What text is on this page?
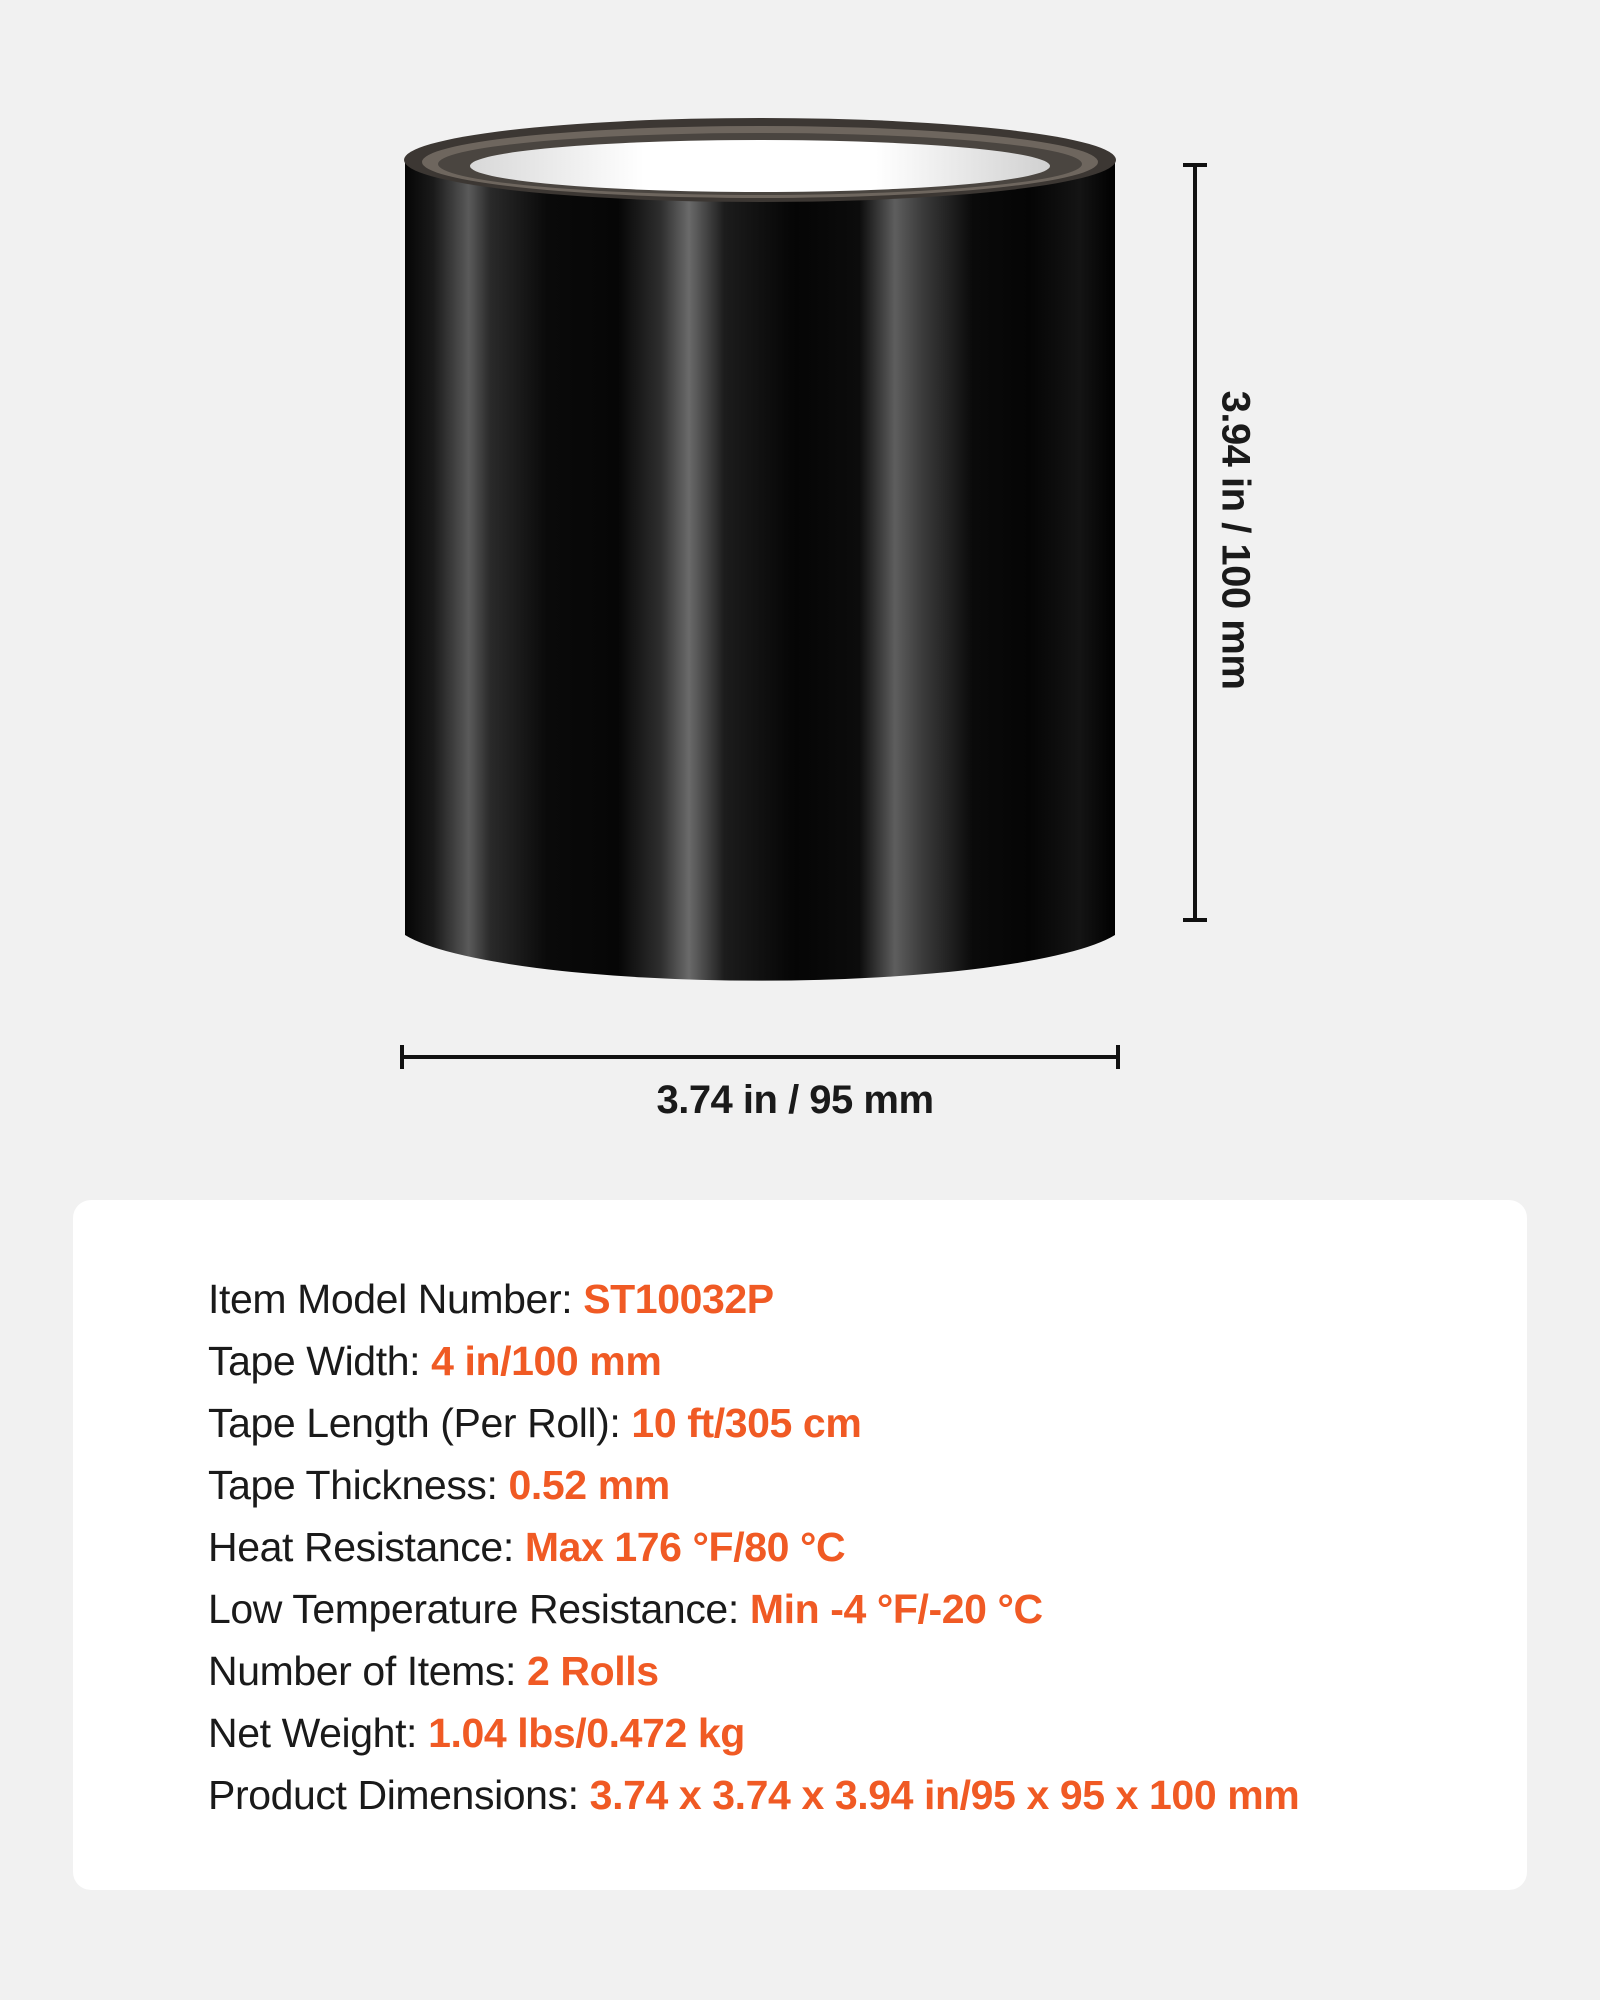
3.74 in / 95 mm
3.94 in / 100 mm
Item Model Number: ST10032P
Tape Width: 4 in/100 mm
Tape Length (Per Roll): 10 ft/305 cm
Tape Thickness: 0.52 mm
Heat Resistance: Max 176 °F/80 °C
Low Temperature Resistance: Min -4 °F/-20 °C
Number of Items: 2 Rolls
Net Weight: 1.04 lbs/0.472 kg
Product Dimensions: 3.74 x 3.74 x 3.94 in/95 x 95 x 100 mm
